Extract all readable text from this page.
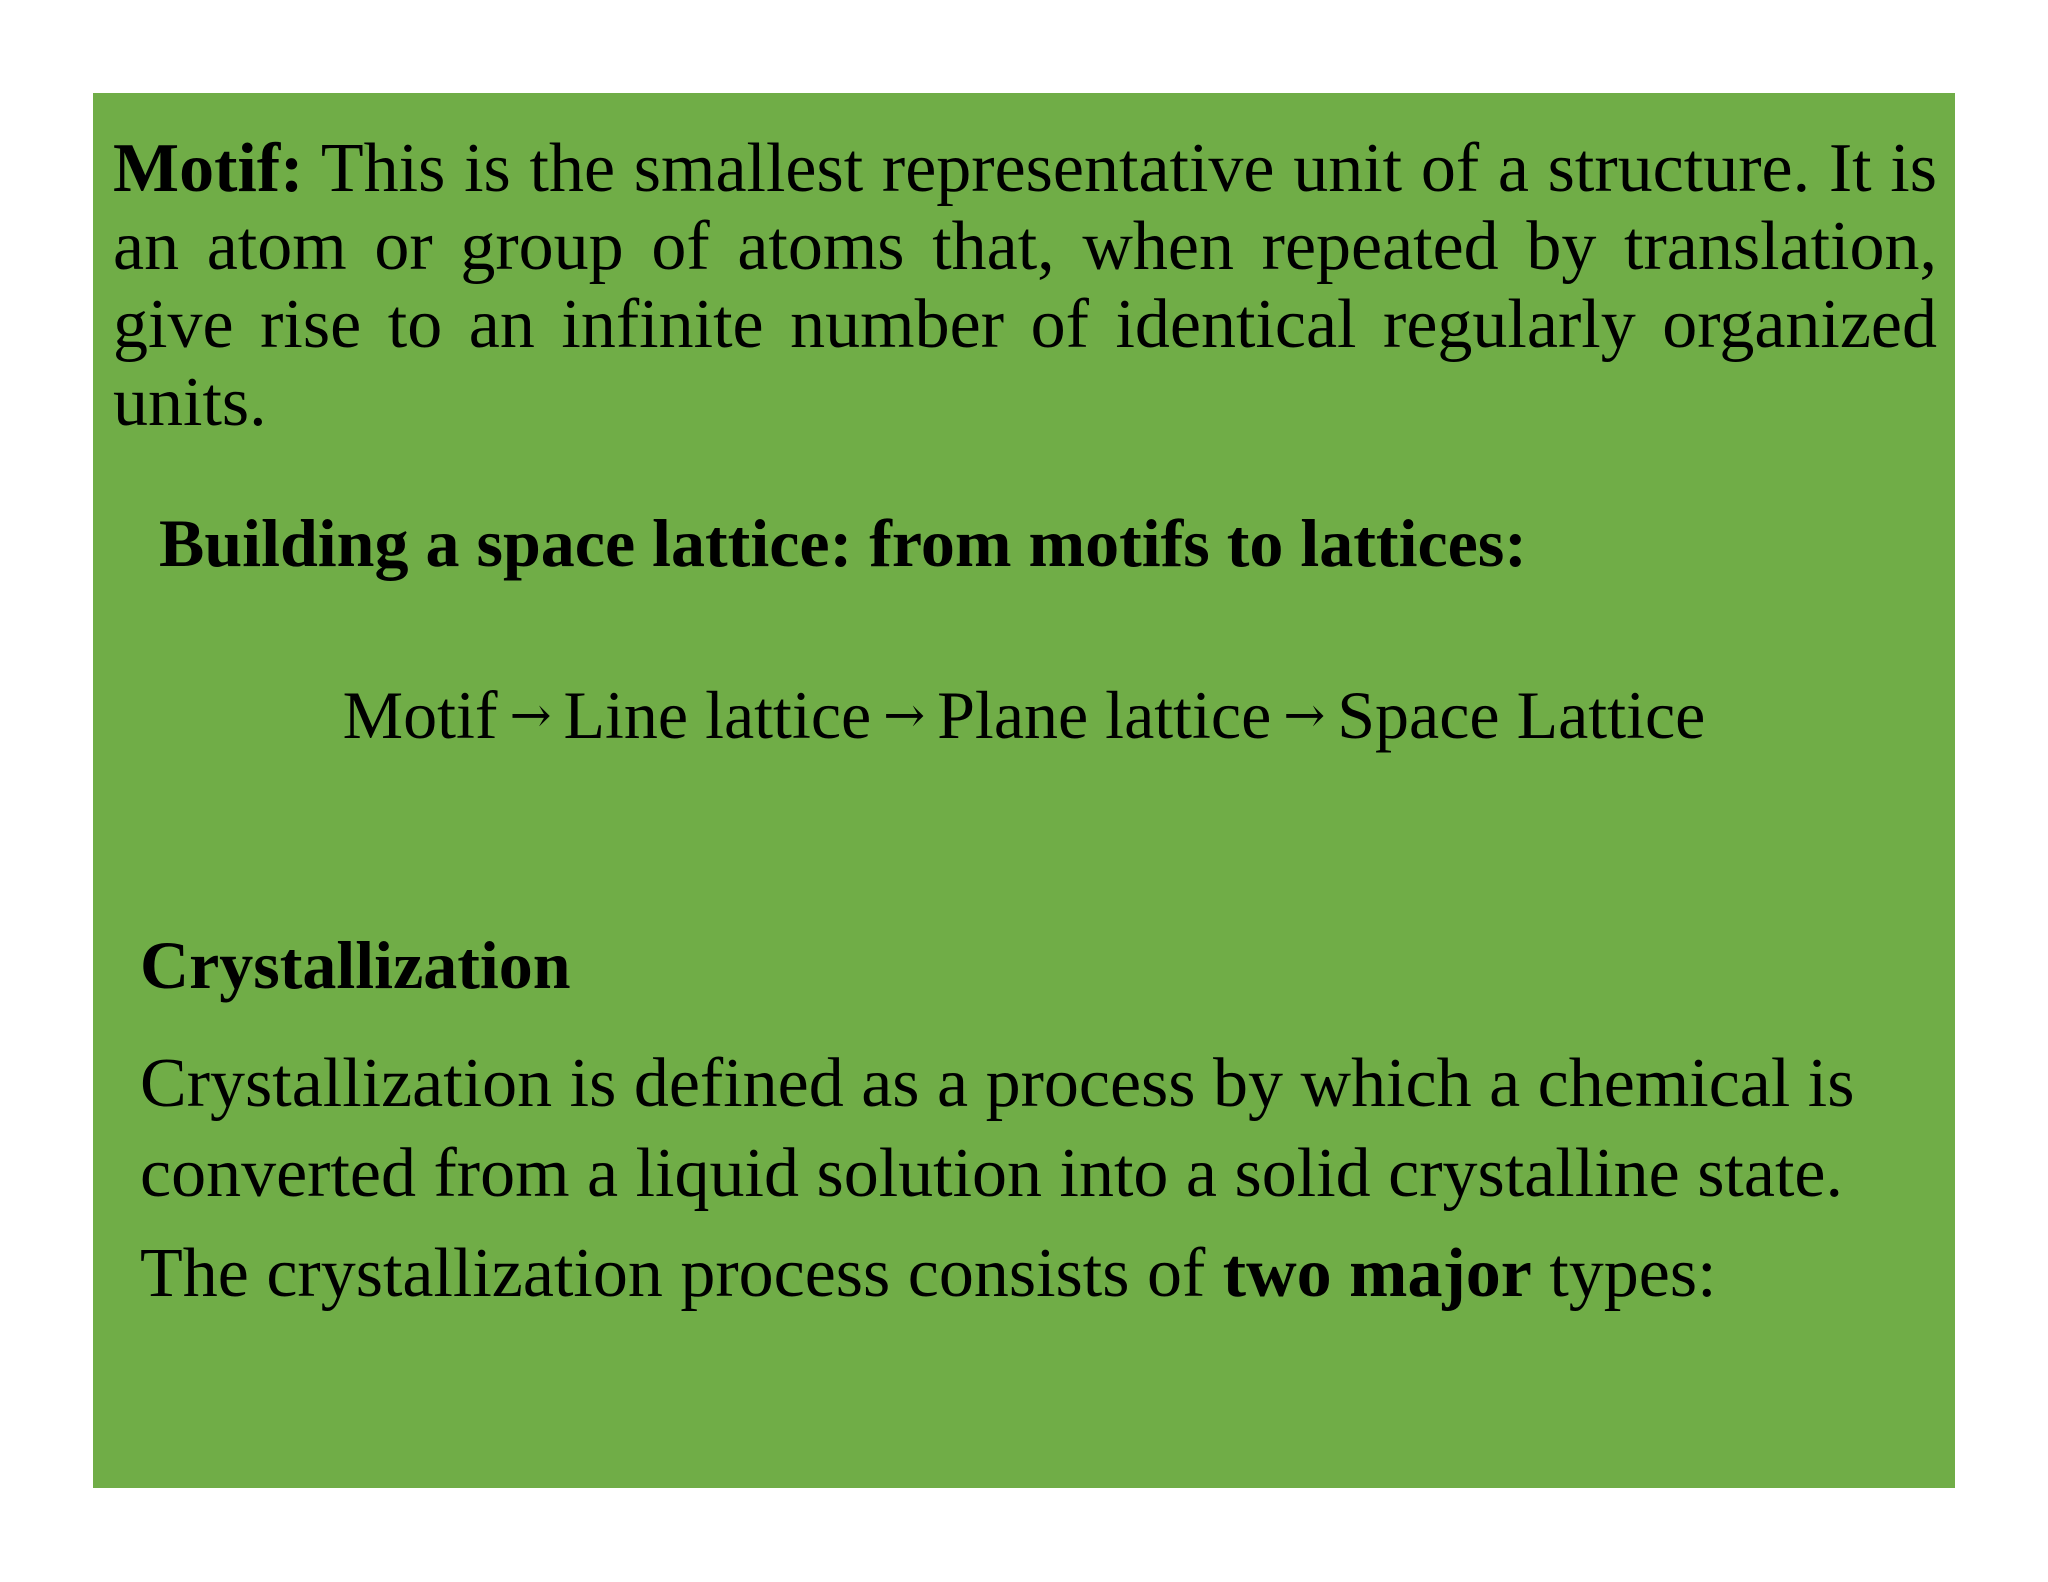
Motif: This is the smallest representative unit of a structure. It is an atom or group of atoms that, when repeated by translation, give rise to an infinite number of identical regularly organized units.

Building a space lattice: from motifs to lattices:

Motif → Line lattice → Plane lattice → Space Lattice

Crystallization

Crystallization is defined as a process by which a chemical is converted from a liquid solution into a solid crystalline state.

The crystallization process consists of two major types:
